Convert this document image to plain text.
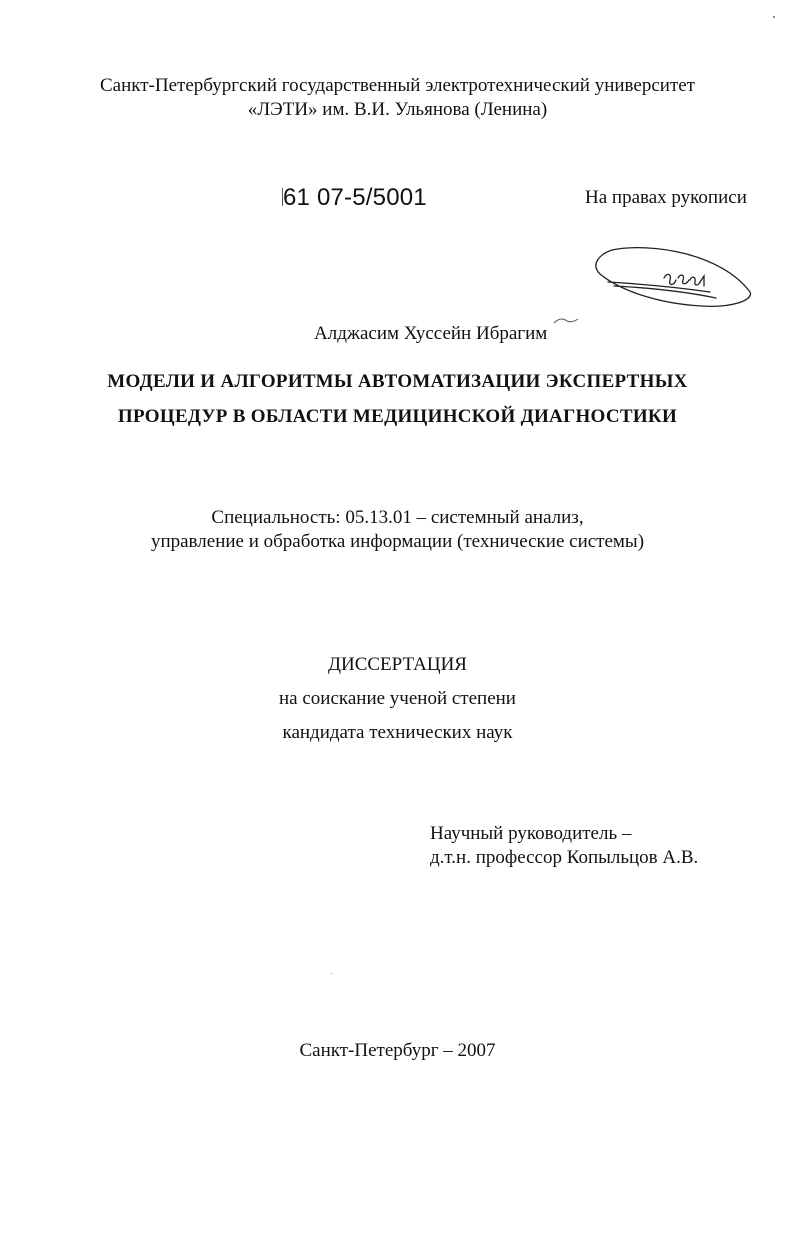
Санкт-Петербургский государственный электротехнический университет
«ЛЭТИ» им. В.И. Ульянова (Ленина)
61 07-5/5001	На правах рукописи
Алджасим Хуссейн Ибрагим
МОДЕЛИ И АЛГОРИТМЫ АВТОМАТИЗАЦИИ ЭКСПЕРТНЫХ
ПРОЦЕДУР В ОБЛАСТИ МЕДИЦИНСКОЙ ДИАГНОСТИКИ
Специальность: 05.13.01 – системный анализ,
управление и обработка информации (технические системы)
ДИССЕРТАЦИЯ
на соискание ученой степени
кандидата технических наук
Научный руководитель –
д.т.н. профессор Копыльцов А.В.
Санкт-Петербург – 2007
